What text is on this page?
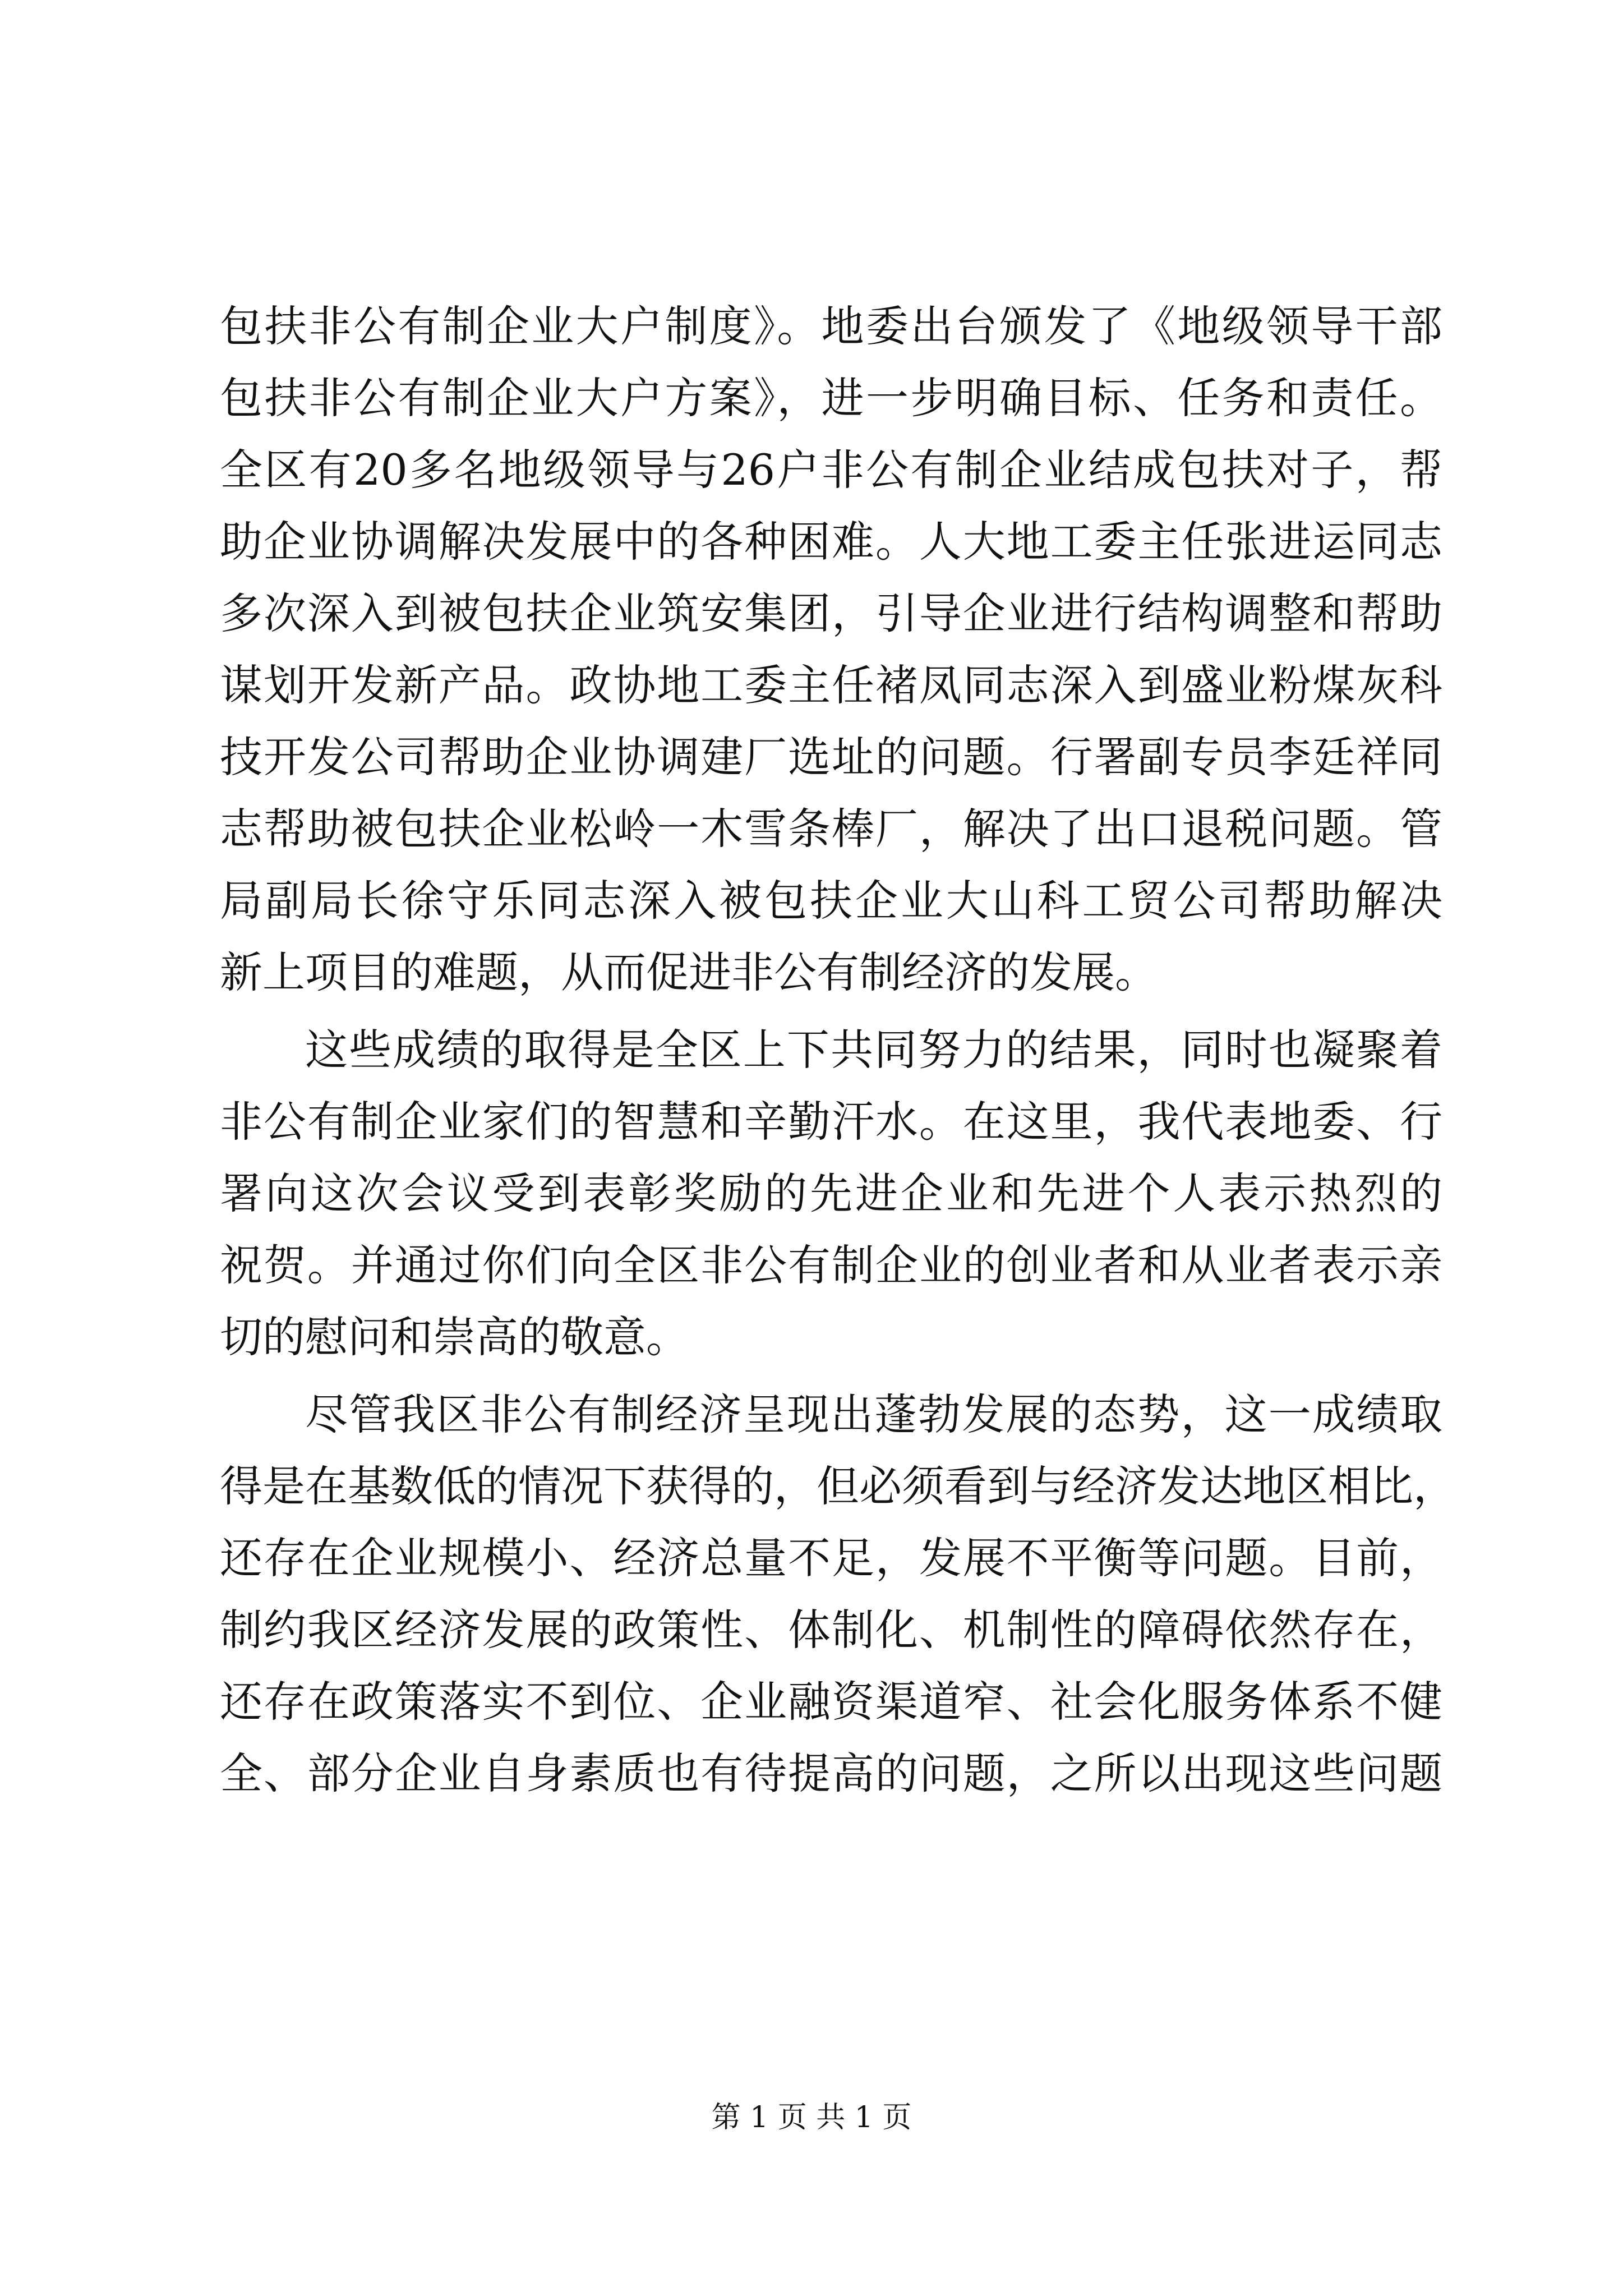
包扶非公有制企业大户制度》。地委出台颁发了《地级领导干部
包扶非公有制企业大户方案》，进一步明确目标、任务和责任。
全区有20多名地级领导与26户非公有制企业结成包扶对子，帮
助企业协调解决发展中的各种困难。人大地工委主任张进运同志
多次深入到被包扶企业筑安集团，引导企业进行结构调整和帮助
谋划开发新产品。政协地工委主任褚凤同志深入到盛业粉煤灰科
技开发公司帮助企业协调建厂选址的问题。行署副专员李廷祥同
志帮助被包扶企业松岭一木雪条棒厂，解决了出口退税问题。管
局副局长徐守乐同志深入被包扶企业大山科工贸公司帮助解决
新上项目的难题，从而促进非公有制经济的发展。
这些成绩的取得是全区上下共同努力的结果，同时也凝聚着
非公有制企业家们的智慧和辛勤汗水。在这里，我代表地委、行
署向这次会议受到表彰奖励的先进企业和先进个人表示热烈的
祝贺。并通过你们向全区非公有制企业的创业者和从业者表示亲
切的慰问和崇高的敬意。
尽管我区非公有制经济呈现出蓬勃发展的态势，这一成绩取
得是在基数低的情况下获得的，但必须看到与经济发达地区相比，
还存在企业规模小、经济总量不足，发展不平衡等问题。目前，
制约我区经济发展的政策性、体制化、机制性的障碍依然存在，
还存在政策落实不到位、企业融资渠道窄、社会化服务体系不健
全、部分企业自身素质也有待提高的问题，之所以出现这些问题
第 1 页 共 1 页
